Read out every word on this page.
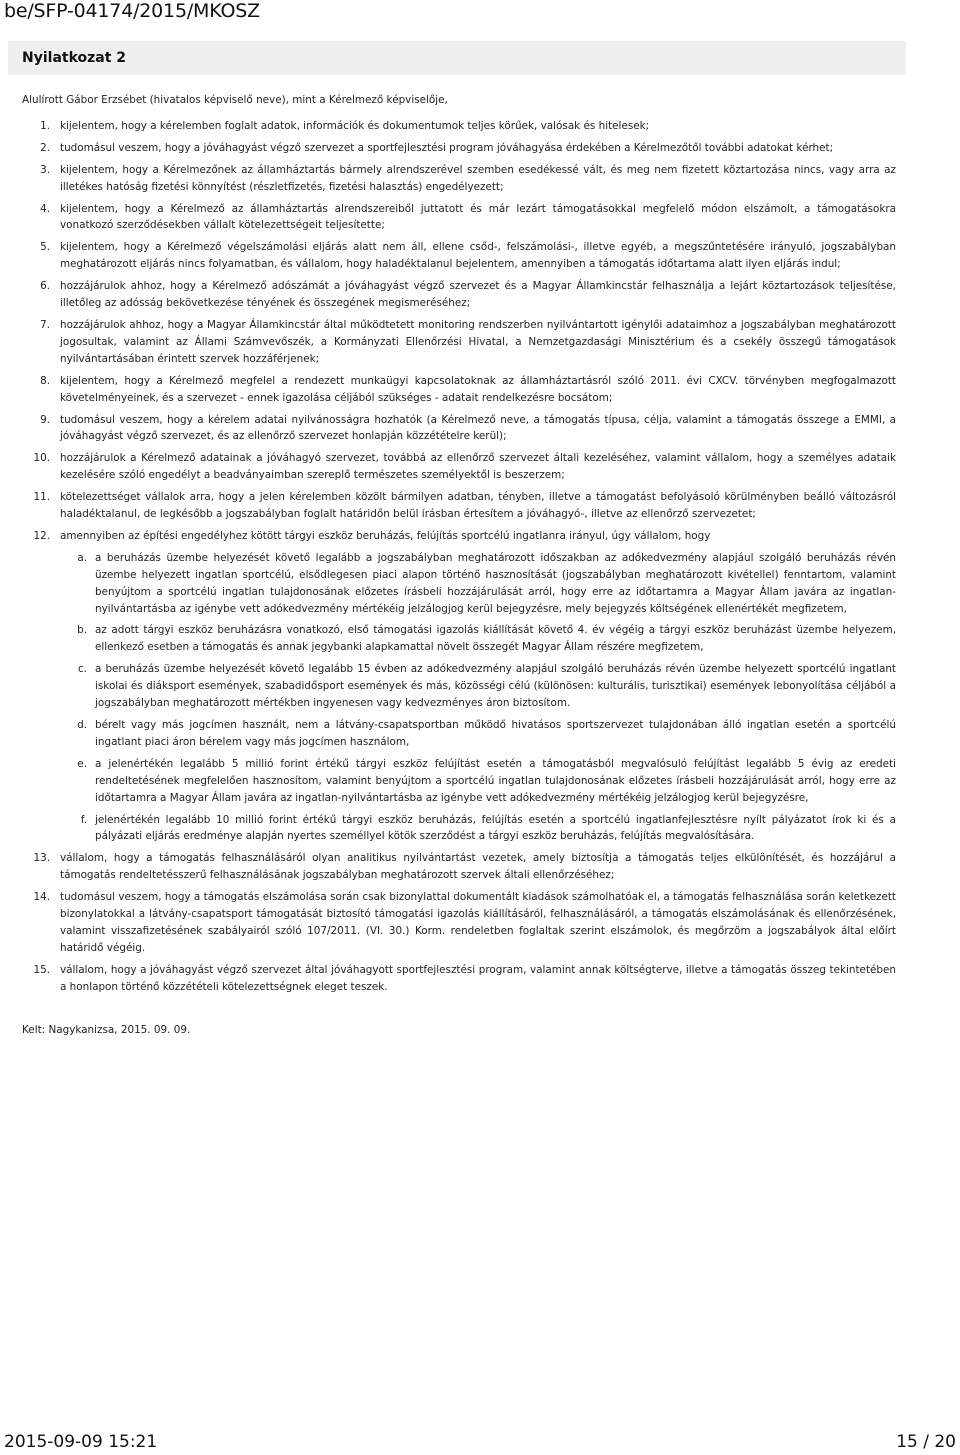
be/SFP-04174/2015/MKOSZ
Nyilatkozat 2

Alulírott Gábor Erzsébet (hivatalos képviselő neve), mint a Kérelmező képviselője,

1. kijelentem, hogy a kérelemben foglalt adatok, információk és dokumentumok teljes körűek, valósak és hitelesek;
2. tudomásul veszem, hogy a jóváhagyást végző szervezet a sportfejlesztési program jóváhagyása érdekében a Kérelmezőtől további adatokat kérhet;
3. kijelentem, hogy a Kérelmezőnek az államháztartás bármely alrendszerével szemben esedékessé vált, és meg nem fizetett köztartozása nincs, vagy arra az illetékes hatóság fizetési könnyítést (részletfizetés, fizetési halasztás) engedélyezett;
4. kijelentem, hogy a Kérelmező az államháztartás alrendszereiből juttatott és már lezárt támogatásokkal megfelelő módon elszámolt, a támogatásokra vonatkozó szerződésekben vállalt kötelezettségeit teljesítette;
5. kijelentem, hogy a Kérelmező végelszámolási eljárás alatt nem áll, ellene csőd-, felszámolási-, illetve egyéb, a megszűntetésére irányuló, jogszabályban meghatározott eljárás nincs folyamatban, és vállalom, hogy haladéktalanul bejelentem, amennyiben a támogatás időtartama alatt ilyen eljárás indul;
6. hozzájárulok ahhoz, hogy a Kérelmező adószámát a jóváhagyást végző szervezet és a Magyar Államkincstár felhasználja a lejárt köztartozások teljesítése, illetőleg az adósság bekövetkezése tényének és összegének megismeréséhez;
7. hozzájárulok ahhoz, hogy a Magyar Államkincstár által működtetett monitoring rendszerben nyilvántartott igénylői adataimhoz a jogszabályban meghatározott jogosultak, valamint az Állami Számvevőszék, a Kormányzati Ellenőrzési Hivatal, a Nemzetgazdasági Minisztérium és a csekély összegű támogatások nyilvántartásában érintett szervek hozzáférjenek;
8. kijelentem, hogy a Kérelmező megfelel a rendezett munkaügyi kapcsolatoknak az államháztartásról szóló 2011. évi CXCV. törvényben megfogalmazott követelményeinek, és a szervezet - ennek igazolása céljából szükséges - adatait rendelkezésre bocsátom;
9. tudomásul veszem, hogy a kérelem adatai nyilvánosságra hozhatók (a Kérelmező neve, a támogatás típusa, célja, valamint a támogatás összege a EMMI, a jóváhagyást végző szervezet, és az ellenőrző szervezet honlapján közzétételre kerül);
10. hozzájárulok a Kérelmező adatainak a jóváhagyó szervezet, továbbá az ellenőrző szervezet általi kezeléséhez, valamint vállalom, hogy a személyes adataik kezelésére szóló engedélyt a beadványaimban szereplő természetes személyektől is beszerzem;
11. kötelezettséget vállalok arra, hogy a jelen kérelemben közölt bármilyen adatban, tényben, illetve a támogatást befolyásoló körülményben beálló változásról haladéktalanul, de legkésőbb a jogszabályban foglalt határidőn belül írásban értesítem a jóváhagyó-, illetve az ellenőrző szervezetet;
12. amennyiben az építési engedélyhez kötött tárgyi eszköz beruházás, felújítás sportcélú ingatlanra irányul, úgy vállalom, hogy
a. a beruházás üzembe helyezését követő legalább a jogszabályban meghatározott időszakban az adókedvezmény alapjául szolgáló beruházás révén üzembe helyezett ingatlan sportcélú, elsődlegesen piaci alapon történő hasznosítását (jogszabályban meghatározott kivétellel) fenntartom, valamint benyújtom a sportcélú ingatlan tulajdonosának előzetes írásbeli hozzájárulását arról, hogy erre az időtartamra a Magyar Állam javára az ingatlan-nyilvántartásba az igénybe vett adókedvezmény mértékéig jelzálogjog kerül bejegyzésre, mely bejegyzés költségének ellenértékét megfizetem,
b. az adott tárgyi eszköz beruházásra vonatkozó, első támogatási igazolás kiállítását követő 4. év végéig a tárgyi eszköz beruházást üzembe helyezem, ellenkező esetben a támogatás és annak jegybanki alapkamattal növelt összegét Magyar Állam részére megfizetem,
c. a beruházás üzembe helyezését követő legalább 15 évben az adókedvezmény alapjául szolgáló beruházás révén üzembe helyezett sportcélú ingatlant iskolai és diáksport események, szabadidősport események és más, közösségi célú (különösen: kulturális, turisztikai) események lebonyolítása céljából a jogszabályban meghatározott mértékben ingyenesen vagy kedvezményes áron biztosítom.
d. bérelt vagy más jogcímen használt, nem a látvány-csapatsportban működő hivatásos sportszervezet tulajdonában álló ingatlan esetén a sportcélú ingatlant piaci áron bérelem vagy más jogcímen használom,
e. a jelenértékén legalább 5 millió forint értékű tárgyi eszköz felújítást esetén a támogatásból megvalósuló felújítást legalább 5 évig az eredeti rendeltetésének megfelelően hasznosítom, valamint benyújtom a sportcélú ingatlan tulajdonosának előzetes írásbeli hozzájárulását arról, hogy erre az időtartamra a Magyar Állam javára az ingatlan-nyilvántartásba az igénybe vett adókedvezmény mértékéig jelzálogjog kerül bejegyzésre,
f. jelenértékén legalább 10 millió forint értékű tárgyi eszköz beruházás, felújítás esetén a sportcélú ingatlanfejlesztésre nyílt pályázatot írok ki és a pályázati eljárás eredménye alapján nyertes személlyel kötök szerződést a tárgyi eszköz beruházás, felújítás megvalósítására.
13. vállalom, hogy a támogatás felhasználásáról olyan analitikus nyilvántartást vezetek, amely biztosítja a támogatás teljes elkülönítését, és hozzájárul a támogatás rendeltetésszerű felhasználásának jogszabályban meghatározott szervek általi ellenőrzéséhez;
14. tudomásul veszem, hogy a támogatás elszámolása során csak bizonylattal dokumentált kiadások számolhatóak el, a támogatás felhasználása során keletkezett bizonylatokkal a látvány-csapatsport támogatását biztosító támogatási igazolás kiállításáról, felhasználásáról, a támogatás elszámolásának és ellenőrzésének, valamint visszafizetésének szabályairól szóló 107/2011. (VI. 30.) Korm. rendeletben foglaltak szerint elszámolok, és megőrzöm a jogszabályok által előírt határidő végéig.
15. vállalom, hogy a jóváhagyást végző szervezet által jóváhagyott sportfejlesztési program, valamint annak költségterve, illetve a támogatás összeg tekintetében a honlapon történő közzétételi kötelezettségnek eleget teszek.

Kelt: Nagykanizsa, 2015. 09. 09.

2015-09-09 15:21	15 / 20
